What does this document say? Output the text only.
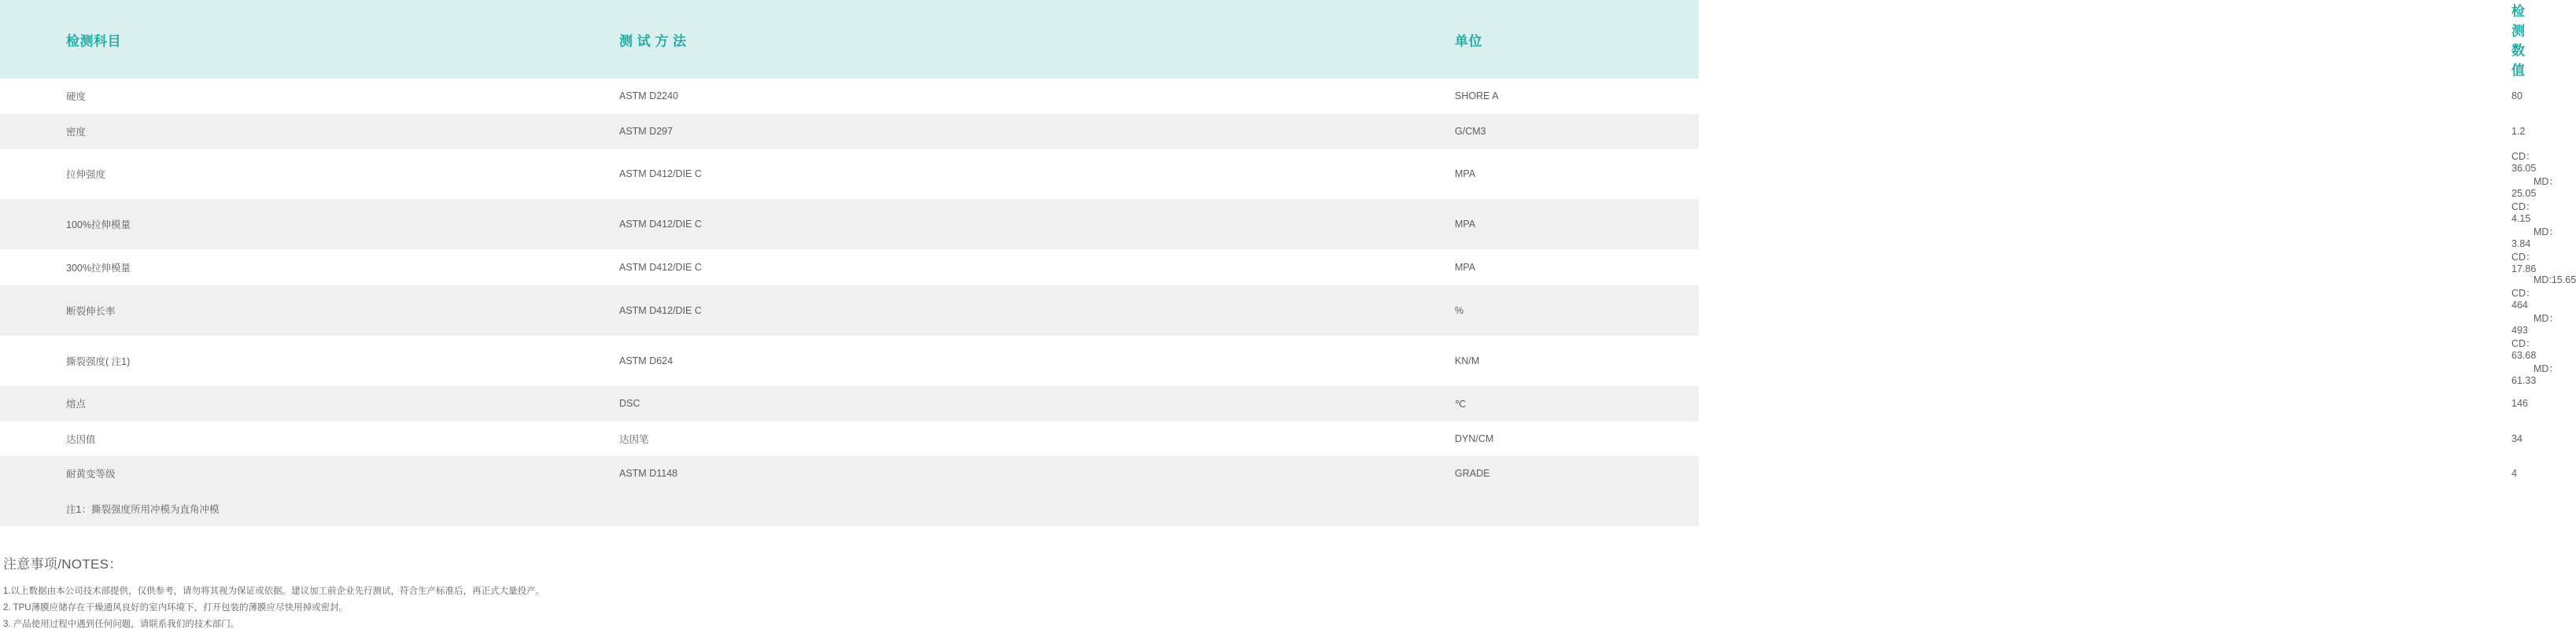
检测科目	测 试 方 法	单位	检测数值
硬度	ASTM D2240	SHORE A	80
密度	ASTM D297	G/CM3	1.2
拉伸强度	ASTM D412/DIE C	MPA	CD：36.05 MD：25.05
100%拉伸模量	ASTM D412/DIE C	MPA	CD：4.15 MD：3.84
300%拉伸模量	ASTM D412/DIE C	MPA	CD：17.86 MD:15.65
断裂伸长率	ASTM D412/DIE C	%	CD：464 MD：493
撕裂强度( 注1)	ASTM D624	KN/M	CD：63.68 MD：61.33
熔点	DSC	℃	146
达因值	达因笔	DYN/CM	34
耐黄变等级	ASTM D1148	GRADE	4
注1：撕裂强度所用冲模为直角冲模			
注意事项/NOTES：
1.以上数据由本公司技术部提供，仅供参考，请勿将其视为保证或依据。建议加工前企业先行测试，符合生产标准后，再正式大量投产。
2. TPU薄膜应储存在干燥通风良好的室内环境下，打开包装的薄膜应尽快用掉或密封。
3. 产品使用过程中遇到任何问题，请联系我们的技术部门。
